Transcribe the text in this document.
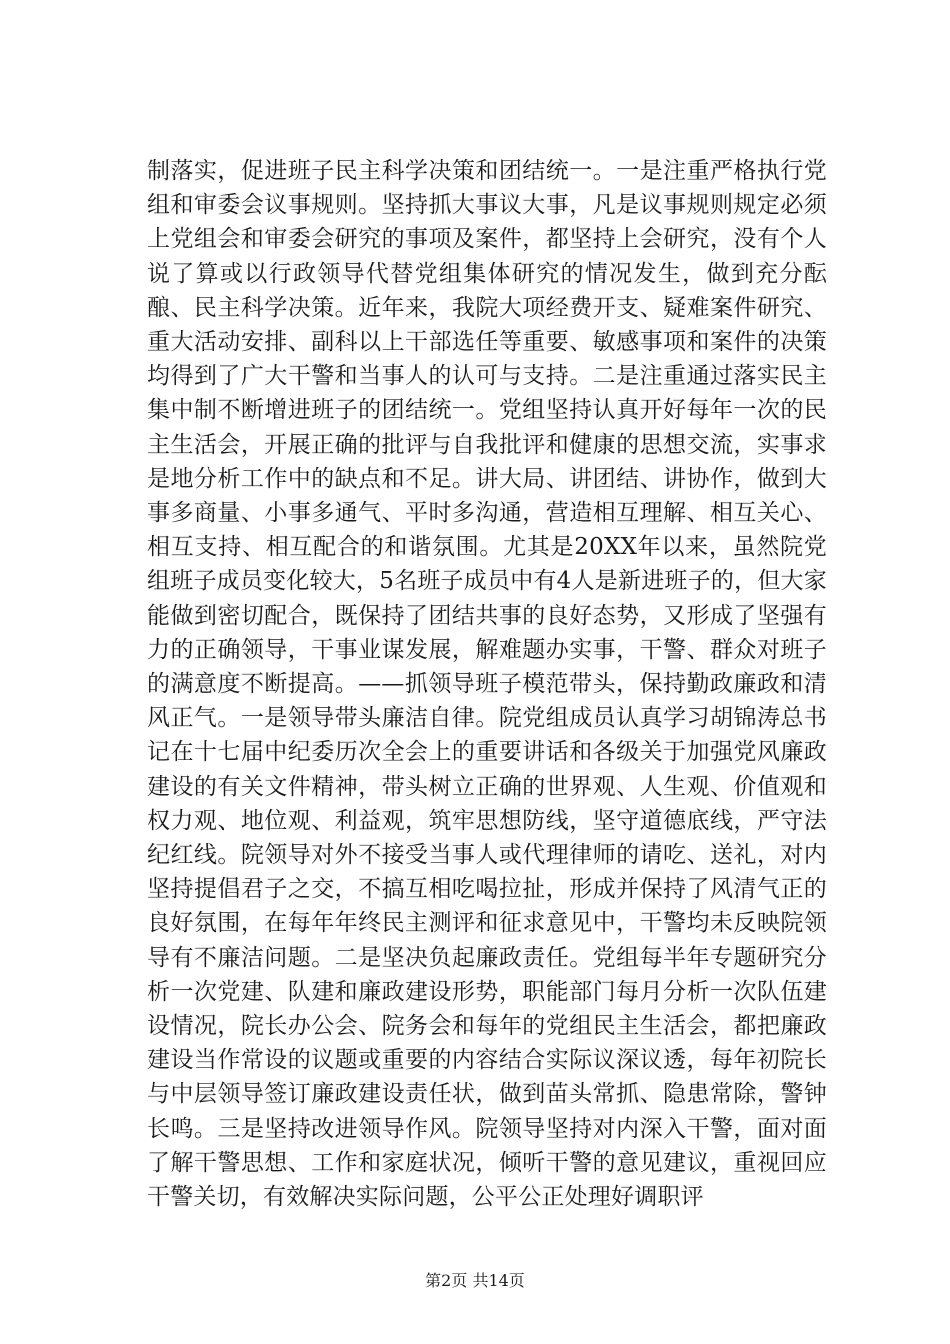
制落实，促进班子民主科学决策和团结统一。一是注重严格执行党组和审委会议事规则。坚持抓大事议大事，凡是议事规则规定必须上党组会和审委会研究的事项及案件，都坚持上会研究，没有个人说了算或以行政领导代替党组集体研究的情况发生，做到充分酝酿、民主科学决策。近年来，我院大项经费开支、疑难案件研究、重大活动安排、副科以上干部选任等重要、敏感事项和案件的决策均得到了广大干警和当事人的认可与支持。二是注重通过落实民主集中制不断增进班子的团结统一。党组坚持认真开好每年一次的民主生活会，开展正确的批评与自我批评和健康的思想交流，实事求是地分析工作中的缺点和不足。讲大局、讲团结、讲协作，做到大事多商量、小事多通气、平时多沟通，营造相互理解、相互关心、相互支持、相互配合的和谐氛围。尤其是20XX年以来，虽然院党组班子成员变化较大，5名班子成员中有4人是新进班子的，但大家能做到密切配合，既保持了团结共事的良好态势，又形成了坚强有力的正确领导，干事业谋发展，解难题办实事，干警、群众对班子的满意度不断提高。——抓领导班子模范带头，保持勤政廉政和清风正气。一是领导带头廉洁自律。院党组成员认真学习胡锦涛总书记在十七届中纪委历次全会上的重要讲话和各级关于加强党风廉政建设的有关文件精神，带头树立正确的世界观、人生观、价值观和权力观、地位观、利益观，筑牢思想防线，坚守道德底线，严守法纪红线。院领导对外不接受当事人或代理律师的请吃、送礼，对内坚持提倡君子之交，不搞互相吃喝拉扯，形成并保持了风清气正的良好氛围，在每年年终民主测评和征求意见中，干警均未反映院领导有不廉洁问题。二是坚决负起廉政责任。党组每半年专题研究分析一次党建、队建和廉政建设形势，职能部门每月分析一次队伍建设情况，院长办公会、院务会和每年的党组民主生活会，都把廉政建设当作常设的议题或重要的内容结合实际议深议透，每年初院长与中层领导签订廉政建设责任状，做到苗头常抓、隐患常除，警钟长鸣。三是坚持改进领导作风。院领导坚持对内深入干警，面对面了解干警思想、工作和家庭状况，倾听干警的意见建议，重视回应干警关切，有效解决实际问题，公平公正处理好调职评

第2页 共14页
